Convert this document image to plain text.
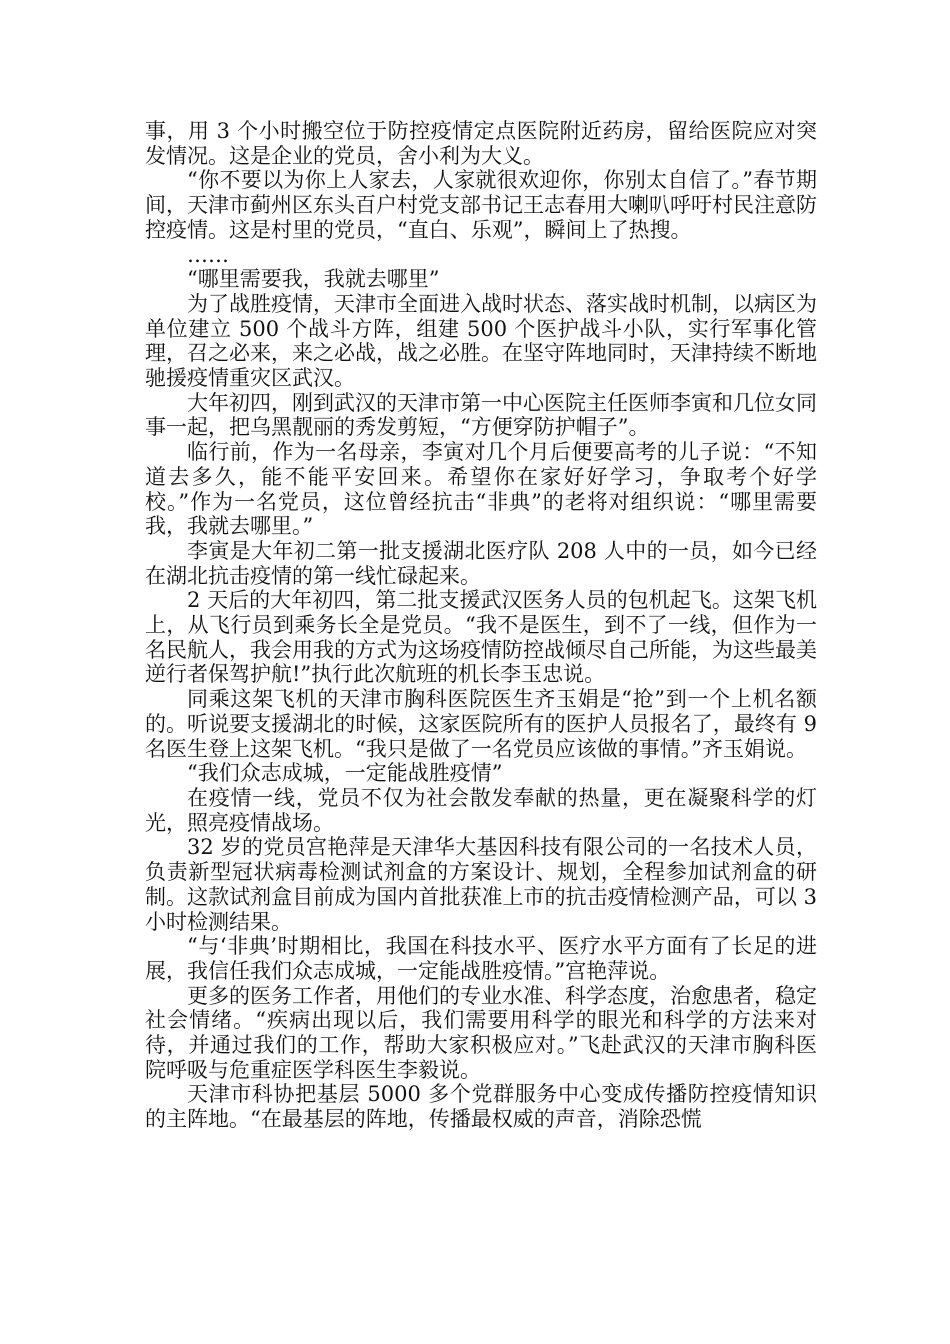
事，用 3 个小时搬空位于防控疫情定点医院附近药房，留给医院应对突发情况。这是企业的党员，舍小利为大义。

“你不要以为你上人家去，人家就很欢迎你，你别太自信了。”春节期间，天津市蓟州区东头百户村党支部书记王志春用大喇叭呼吁村民注意防控疫情。这是村里的党员，“直白、乐观”，瞬间上了热搜。

……

“哪里需要我，我就去哪里”

为了战胜疫情，天津市全面进入战时状态、落实战时机制，以病区为单位建立 500 个战斗方阵，组建 500 个医护战斗小队，实行军事化管理，召之必来，来之必战，战之必胜。在坚守阵地同时，天津持续不断地驰援疫情重灾区武汉。

大年初四，刚到武汉的天津市第一中心医院主任医师李寅和几位女同事一起，把乌黑靓丽的秀发剪短，“方便穿防护帽子”。

临行前，作为一名母亲，李寅对几个月后便要高考的儿子说：“不知道去多久，能不能平安回来。希望你在家好好学习，争取考个好学校。”作为一名党员，这位曾经抗击“非典”的老将对组织说：“哪里需要我，我就去哪里。”

李寅是大年初二第一批支援湖北医疗队 208 人中的一员，如今已经在湖北抗击疫情的第一线忙碌起来。

2 天后的大年初四，第二批支援武汉医务人员的包机起飞。这架飞机上，从飞行员到乘务长全是党员。“我不是医生，到不了一线，但作为一名民航人，我会用我的方式为这场疫情防控战倾尽自己所能，为这些最美逆行者保驾护航!”执行此次航班的机长李玉忠说。

同乘这架飞机的天津市胸科医院医生齐玉娟是“抢”到一个上机名额的。听说要支援湖北的时候，这家医院所有的医护人员报名了，最终有 9 名医生登上这架飞机。“我只是做了一名党员应该做的事情。”齐玉娟说。

“我们众志成城，一定能战胜疫情”

在疫情一线，党员不仅为社会散发奉献的热量，更在凝聚科学的灯光，照亮疫情战场。

32 岁的党员宫艳萍是天津华大基因科技有限公司的一名技术人员，负责新型冠状病毒检测试剂盒的方案设计、规划，全程参加试剂盒的研制。这款试剂盒目前成为国内首批获准上市的抗击疫情检测产品，可以 3 小时检测结果。

“与‘非典’时期相比，我国在科技水平、医疗水平方面有了长足的进展，我信任我们众志成城，一定能战胜疫情。”宫艳萍说。

更多的医务工作者，用他们的专业水准、科学态度，治愈患者，稳定社会情绪。“疾病出现以后，我们需要用科学的眼光和科学的方法来对待，并通过我们的工作，帮助大家积极应对。”飞赴武汉的天津市胸科医院呼吸与危重症医学科医生李毅说。

天津市科协把基层 5000 多个党群服务中心变成传播防控疫情知识的主阵地。“在最基层的阵地，传播最权威的声音，消除恐慌
